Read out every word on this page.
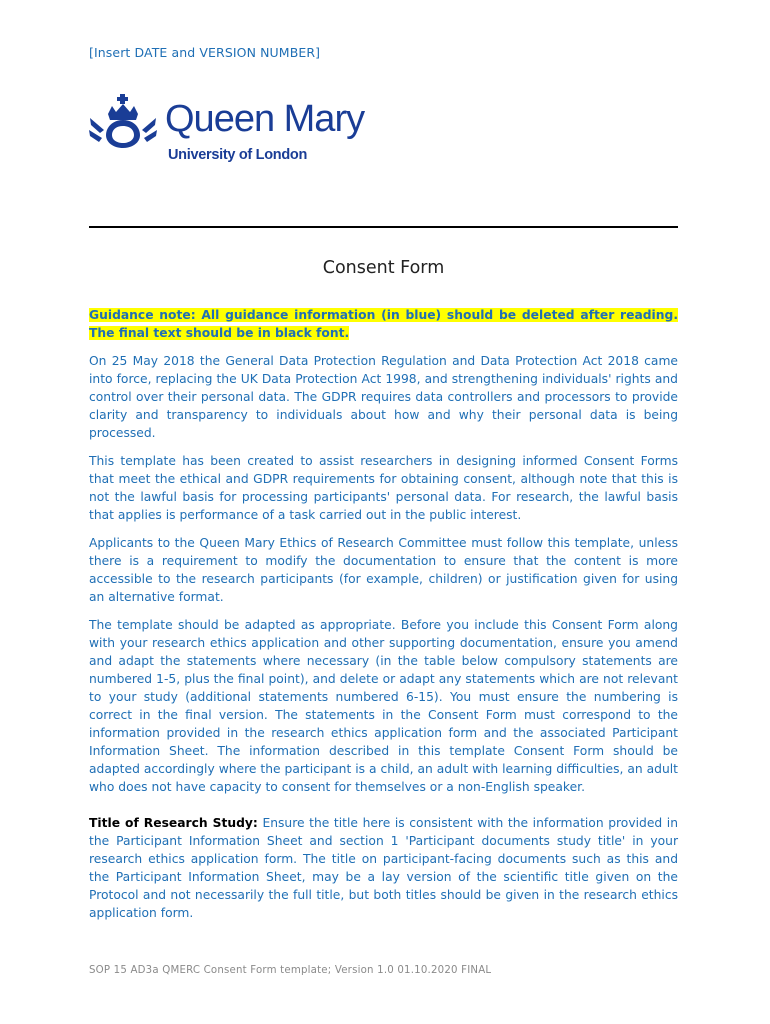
[Insert DATE and VERSION NUMBER]
Queen Mary
University of London
Consent Form

Guidance note: All guidance information (in blue) should be deleted after reading. The final text should be in black font.

On 25 May 2018 the General Data Protection Regulation and Data Protection Act 2018 came into force, replacing the UK Data Protection Act 1998, and strengthening individuals' rights and control over their personal data. The GDPR requires data controllers and processors to provide clarity and transparency to individuals about how and why their personal data is being processed.

This template has been created to assist researchers in designing informed Consent Forms that meet the ethical and GDPR requirements for obtaining consent, although note that this is not the lawful basis for processing participants' personal data. For research, the lawful basis that applies is performance of a task carried out in the public interest.

Applicants to the Queen Mary Ethics of Research Committee must follow this template, unless there is a requirement to modify the documentation to ensure that the content is more accessible to the research participants (for example, children) or justification given for using an alternative format.

The template should be adapted as appropriate. Before you include this Consent Form along with your research ethics application and other supporting documentation, ensure you amend and adapt the statements where necessary (in the table below compulsory statements are numbered 1-5, plus the final point), and delete or adapt any statements which are not relevant to your study (additional statements numbered 6-15). You must ensure the numbering is correct in the final version. The statements in the Consent Form must correspond to the information provided in the research ethics application form and the associated Participant Information Sheet. The information described in this template Consent Form should be adapted accordingly where the participant is a child, an adult with learning difficulties, an adult who does not have capacity to consent for themselves or a non-English speaker.

Title of Research Study: Ensure the title here is consistent with the information provided in the Participant Information Sheet and section 1 'Participant documents study title' in your research ethics application form. The title on participant-facing documents such as this and the Participant Information Sheet, may be a lay version of the scientific title given on the Protocol and not necessarily the full title, but both titles should be given in the research ethics application form.

SOP 15 AD3a QMERC Consent Form template; Version 1.0 01.10.2020 FINAL
